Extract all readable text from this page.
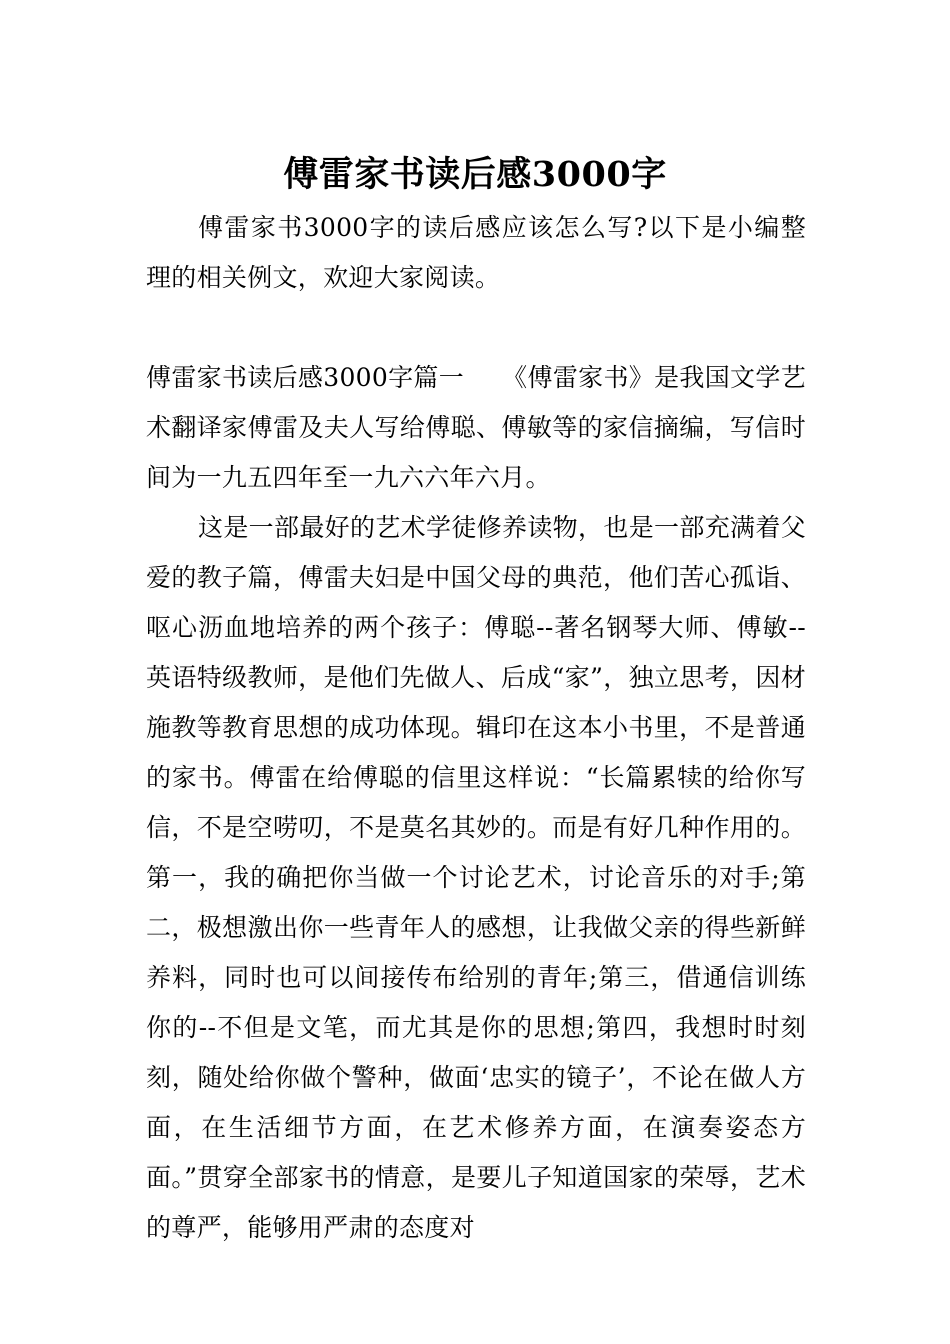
傅雷家书读后感3000字

傅雷家书3000字的读后感应该怎么写?以下是小编整理的相关例文，欢迎大家阅读。

傅雷家书读后感3000字篇一　　《傅雷家书》是我国文学艺术翻译家傅雷及夫人写给傅聪、傅敏等的家信摘编，写信时间为一九五四年至一九六六年六月。

这是一部最好的艺术学徒修养读物，也是一部充满着父爱的教子篇，傅雷夫妇是中国父母的典范，他们苦心孤诣、呕心沥血地培养的两个孩子：傅聪--著名钢琴大师、傅敏--英语特级教师，是他们先做人、后成“家”，独立思考，因材施教等教育思想的成功体现。辑印在这本小书里，不是普通的家书。傅雷在给傅聪的信里这样说：“长篇累犊的给你写信，不是空唠叨，不是莫名其妙的。而是有好几种作用的。第一，我的确把你当做一个讨论艺术，讨论音乐的对手;第二，极想激出你一些青年人的感想，让我做父亲的得些新鲜养料，同时也可以间接传布给别的青年;第三，借通信训练你的--不但是文笔，而尤其是你的思想;第四，我想时时刻刻，随处给你做个警种，做面‘忠实的镜子’，不论在做人方面，在生活细节方面，在艺术修养方面，在演奏姿态方面。”贯穿全部家书的情意，是要儿子知道国家的荣辱，艺术的尊严，能够用严肃的态度对
